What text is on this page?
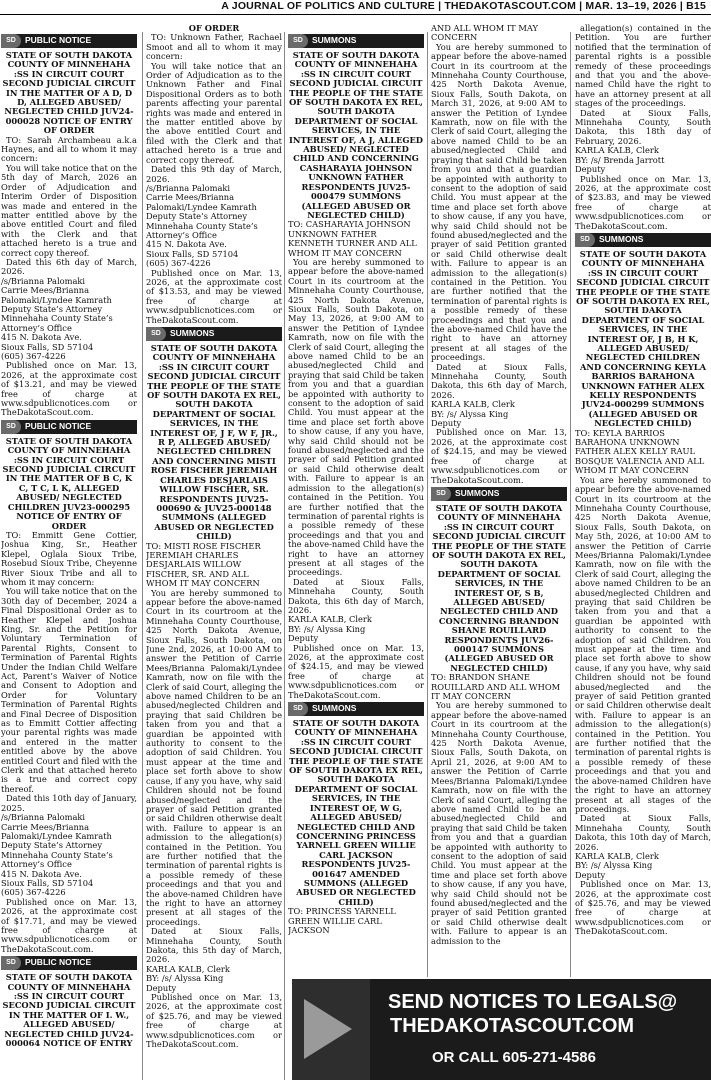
A JOURNAL OF POLITICS AND CULTURE | THEDAKOTASCOUT.COM | MAR. 13–19, 2026 | B15
SD	PUBLIC NOTICE
STATE OF SOUTH DAKOTA COUNTY OF MINNEHAHA :SS IN CIRCUIT COURT SECOND JUDICIAL CIRCUIT IN THE MATTER OF A D, D D, ALLEGED ABUSED/ NEGLECTED CHILD JUV24-000028 NOTICE OF ENTRY OF ORDER
TO: Sarah Archambeau a.k.a Haynes, and all to whom it may concern:
You will take notice that on the 5th day of March, 2026 an Order of Adjudication and Interim Order of Disposition was made and entered in the matter entitled above by the above entitled Court and filed with the Clerk and that attached hereto is a true and correct copy thereof.
Dated this 6th day of March, 2026.
/s/Brianna Palomaki
Carrie Mees/Brianna Palomaki/Lyndee Kamrath
Deputy State’s Attorney
Minnehaha County State’s Attorney’s Office
415 N. Dakota Ave.
Sioux Falls, SD 57104
(605) 367-4226
Published once on Mar. 13, 2026, at the approximate cost of $13.21, and may be viewed free of charge at www.sdpublicnotices.com or TheDakotaScout.com.
SD	PUBLIC NOTICE
STATE OF SOUTH DAKOTA COUNTY OF MINNEHAHA :SS IN CIRCUIT COURT SECOND JUDICIAL CIRCUIT IN THE MATTER OF B C, K C, T C, L K, ALLEGED ABUSED/ NEGLECTED CHILDREN JUV23-000295 NOTICE OF ENTRY OF ORDER
TO: Emmitt Gene Cottier, Joshua King, Sr., Heather Klepel, Oglala Sioux Tribe, Rosebud Sioux Tribe, Cheyenne River Sioux Tribe and all to whom it may concern:
You will take notice that on the 30th day of December, 2024 a Final Dispositional Order as to Heather Klepel and Joshua King, Sr. and the Petition for Voluntary Termination of Parental Rights, Consent to Termination of Parental Rights Under the Indian Child Welfare Act, Parent’s Waiver of Notice and Consent to Adoption and Order for Voluntary Termination of Parental Rights and Final Decree of Disposition as to Emmitt Cottier affecting your parental rights was made and entered in the matter entitled above by the above entitled Court and filed with the Clerk and that attached hereto is a true and correct copy thereof.
Dated this 10th day of January, 2025.
/s/Brianna Palomaki
Carrie Mees/Brianna Palomaki/Lyndee Kamrath
Deputy State’s Attorney
Minnehaha County State’s Attorney’s Office
415 N. Dakota Ave.
Sioux Falls, SD 57104
(605) 367-4226
Published once on Mar. 13, 2026, at the approximate cost of $17.71, and may be viewed free of charge at www.sdpublicnotices.com or TheDakotaScout.com.
SD	PUBLIC NOTICE
STATE OF SOUTH DAKOTA COUNTY OF MINNEHAHA :SS IN CIRCUIT COURT SECOND JUDICIAL CIRCUIT IN THE MATTER OF I. W., ALLEGED ABUSED/ NEGLECTED CHILD JUV24-000064 NOTICE OF ENTRY
OF ORDER
TO: Unknown Father, Rachael Smoot and all to whom it may concern:
You will take notice that an Order of Adjudication as to the Unknown Father and Final Dispositional Orders as to both parents affecting your parental rights was made and entered in the matter entitled above by the above entitled Court and filed with the Clerk and that attached hereto is a true and correct copy thereof.
Dated this 9th day of March, 2026.
/s/Brianna Palomaki
Carrie Mees/Brianna Palomaki/Lyndee Kamrath
Deputy State’s Attorney
Minnehaha County State’s Attorney’s Office
415 N. Dakota Ave.
Sioux Falls, SD 57104
(605) 367-4226
Published once on Mar. 13, 2026, at the approximate cost of $13.53, and may be viewed free of charge at www.sdpublicnotices.com or TheDakotaScout.com.
SD	SUMMONS
STATE OF SOUTH DAKOTA COUNTY OF MINNEHAHA :SS IN CIRCUIT COURT SECOND JUDICIAL CIRCUIT THE PEOPLE OF THE STATE OF SOUTH DAKOTA EX REL, SOUTH DAKOTA DEPARTMENT OF SOCIAL SERVICES, IN THE INTEREST OF, J F, W F, JR., R P, ALLEGED ABUSED/ NEGLECTED CHILDREN AND CONCERNING MISTI ROSE FISCHER JEREMIAH CHARLES DESJARLAIS WILLOW FISCHER, SR. RESPONDENTS JUV25-000690 & JUV25-000148 SUMMONS (ALLEGED ABUSED OR NEGLECTED CHILD)
TO: MISTI ROSE FISCHER JEREMIAH CHARLES DESJARLAIS WILLOW FISCHER, SR. AND ALL WHOM IT MAY CONCERN
You are hereby summoned to appear before the above-named Court in its courtroom at the Minnehaha County Courthouse, 425 North Dakota Avenue, Sioux Falls, South Dakota, on June 2nd, 2026, at 10:00 AM to answer the Petition of Carrie Mees/Brianna Palomaki/Lyndee Kamrath, now on file with the Clerk of said Court, alleging the above named Children to be an abused/neglected Children and praying that said Children be taken from you and that a guardian be appointed with authority to consent to the adoption of said Children. You must appear at the time and place set forth above to show cause, if any you have, why said Children should not be found abused/neglected and the prayer of said Petition granted or said Children otherwise dealt with. Failure to appear is an admission to the allegation(s) contained in the Petition. You are further notified that the termination of parental rights is a possible remedy of these proceedings and that you and the above-named Children have the right to have an attorney present at all stages of the proceedings.
Dated at Sioux Falls, Minnehaha County, South Dakota, this 5th day of March, 2026.
KARLA KALB, Clerk
BY: /s/ Alyssa King
Deputy
Published once on Mar. 13, 2026, at the approximate cost of $25.76, and may be viewed free of charge at www.sdpublicnotices.com or TheDakotaScout.com.
SD	SUMMONS
STATE OF SOUTH DAKOTA COUNTY OF MINNEHAHA :SS IN CIRCUIT COURT SECOND JUDICIAL CIRCUIT THE PEOPLE OF THE STATE OF SOUTH DAKOTA EX REL, SOUTH DAKOTA DEPARTMENT OF SOCIAL SERVICES, IN THE INTEREST OF, A J, ALLEGED ABUSED/ NEGLECTED CHILD AND CONCERNING CASHARAYIA JOHNSON UNKNOWN FATHER RESPONDENTS JUV25-000479 SUMMONS (ALLEGED ABUSED OR NEGLECTED CHILD)
TO: CASHARAYIA JOHNSON UNKNOWN FATHER KENNETH TURNER AND ALL WHOM IT MAY CONCERN
You are hereby summoned to appear before the above-named Court in its courtroom at the Minnehaha County Courthouse, 425 North Dakota Avenue, Sioux Falls, South Dakota, on May 13, 2026, at 9:00 AM to answer the Petition of Lyndee Kamrath, now on file with the Clerk of said Court, alleging the above named Child to be an abused/neglected Child and praying that said Child be taken from you and that a guardian be appointed with authority to consent to the adoption of said Child. You must appear at the time and place set forth above to show cause, if any you have, why said Child should not be found abused/neglected and the prayer of said Petition granted or said Child otherwise dealt with. Failure to appear is an admission to the allegation(s) contained in the Petition. You are further notified that the termination of parental rights is a possible remedy of these proceedings and that you and the above-named Child have the right to have an attorney present at all stages of the proceedings.
Dated at Sioux Falls, Minnehaha County, South Dakota, this 6th day of March, 2026.
KARLA KALB, Clerk
BY: /s/ Alyssa King
Deputy
Published once on Mar. 13, 2026, at the approximate cost of $24.15, and may be viewed free of charge at www.sdpublicnotices.com or TheDakotaScout.com.
SD	SUMMONS
STATE OF SOUTH DAKOTA COUNTY OF MINNEHAHA :SS IN CIRCUIT COURT SECOND JUDICIAL CIRCUIT THE PEOPLE OF THE STATE OF SOUTH DAKOTA EX REL, SOUTH DAKOTA DEPARTMENT OF SOCIAL SERVICES, IN THE INTEREST OF, W G, ALLEGED ABUSED/ NEGLECTED CHILD AND CONCERNING PRINCESS YARNELL GREEN WILLIE CARL JACKSON RESPONDENTS JUV25-001647 AMENDED SUMMONS (ALLEGED ABUSED OR NEGLECTED CHILD)
TO: PRINCESS YARNELL GREEN WILLIE CARL JACKSON
AND ALL WHOM IT MAY CONCERN
You are hereby summoned to appear before the above-named Court in its courtroom at the Minnehaha County Courthouse, 425 North Dakota Avenue, Sioux Falls, South Dakota, on March 31, 2026, at 9:00 AM to answer the Petition of Lyndee Kamrath, now on file with the Clerk of said Court, alleging the above named Child to be an abused/neglected Child and praying that said Child be taken from you and that a guardian be appointed with authority to consent to the adoption of said Child. You must appear at the time and place set forth above to show cause, if any you have, why said Child should not be found abused/neglected and the prayer of said Petition granted or said Child otherwise dealt with. Failure to appear is an admission to the allegation(s) contained in the Petition. You are further notified that the termination of parental rights is a possible remedy of these proceedings and that you and the above-named Child have the right to have an attorney present at all stages of the proceedings.
Dated at Sioux Falls, Minnehaha County, South Dakota, this 6th day of March, 2026.
KARLA KALB, Clerk
BY: /s/ Alyssa King
Deputy
Published once on Mar. 13, 2026, at the approximate cost of $24.15, and may be viewed free of charge at www.sdpublicnotices.com or TheDakotaScout.com.
SD	SUMMONS
STATE OF SOUTH DAKOTA COUNTY OF MINNEHAHA :SS IN CIRCUIT COURT SECOND JUDICIAL CIRCUIT THE PEOPLE OF THE STATE OF SOUTH DAKOTA EX REL, SOUTH DAKOTA DEPARTMENT OF SOCIAL SERVICES, IN THE INTEREST OF, S B, ALLEGED ABUSED/ NEGLECTED CHILD AND CONCERNING BRANDON SHANE ROUILLARD RESPONDENTS JUV26-000147 SUMMONS (ALLEGED ABUSED OR NEGLECTED CHILD)
TO: BRANDON SHANE ROUILLARD AND ALL WHOM IT MAY CONCERN
You are hereby summoned to appear before the above-named Court in its courtroom at the Minnehaha County Courthouse, 425 North Dakota Avenue, Sioux Falls, South Dakota, on April 21, 2026, at 9:00 AM to answer the Petition of Carrie Mees/Brianna Palomaki/Lyndee Kamrath, now on file with the Clerk of said Court, alleging the above named Child to be an abused/neglected Child and praying that said Child be taken from you and that a guardian be appointed with authority to consent to the adoption of said Child. You must appear at the time and place set forth above to show cause, if any you have, why said Child should not be found abused/neglected and the prayer of said Petition granted or said Child otherwise dealt with. Failure to appear is an admission to the
allegation(s) contained in the Petition. You are further notified that the termination of parental rights is a possible remedy of these proceedings and that you and the above-named Child have the right to have an attorney present at all stages of the proceedings.
Dated at Sioux Falls, Minnehaha County, South Dakota, this 18th day of February, 2026.
KARLA KALB, Clerk
BY: /s/ Brenda Jarrott
Deputy
Published once on Mar. 13, 2026, at the approximate cost of $23.83, and may be viewed free of charge at www.sdpublicnotices.com or TheDakotaScout.com.
SD	SUMMONS
STATE OF SOUTH DAKOTA COUNTY OF MINNEHAHA :SS IN CIRCUIT COURT SECOND JUDICIAL CIRCUIT THE PEOPLE OF THE STATE OF SOUTH DAKOTA EX REL, SOUTH DAKOTA DEPARTMENT OF SOCIAL SERVICES, IN THE INTEREST OF, J B, H K, ALLEGED ABUSED/ NEGLECTED CHILDREN AND CONCERNING KEYLA BARRIOS BARAHONA UNKNOWN FATHER ALEX KELLY RESPONDENTS JUV24-000299 SUMMONS (ALLEGED ABUSED OR NEGLECTED CHILD)
TO: KEYLA BARRIOS BARAHONA UNKNOWN FATHER ALEX KELLY RAUL BOSQUE VALENCIA AND ALL WHOM IT MAY CONCERN
You are hereby summoned to appear before the above-named Court in its courtroom at the Minnehaha County Courthouse, 425 North Dakota Avenue, Sioux Falls, South Dakota, on May 5th, 2026, at 10:00 AM to answer the Petition of Carrie Mees/Brianna Palomaki/Lyndee Kamrath, now on file with the Clerk of said Court, alleging the above named Children to be an abused/neglected Children and praying that said Children be taken from you and that a guardian be appointed with authority to consent to the adoption of said Children. You must appear at the time and place set forth above to show cause, if any you have, why said Children should not be found abused/neglected and the prayer of said Petition granted or said Children otherwise dealt with. Failure to appear is an admission to the allegation(s) contained in the Petition. You are further notified that the termination of parental rights is a possible remedy of these proceedings and that you and the above-named Children have the right to have an attorney present at all stages of the proceedings.
Dated at Sioux Falls, Minnehaha County, South Dakota, this 10th day of March, 2026.
KARLA KALB, Clerk
BY: /s/ Alyssa King
Deputy
Published once on Mar. 13, 2026, at the approximate cost of $25.76, and may be viewed free of charge at www.sdpublicnotices.com or TheDakotaScout.com.
SEND NOTICES TO LEGALS@
THEDAKOTASCOUT.COM
OR CALL 605-271-4586
